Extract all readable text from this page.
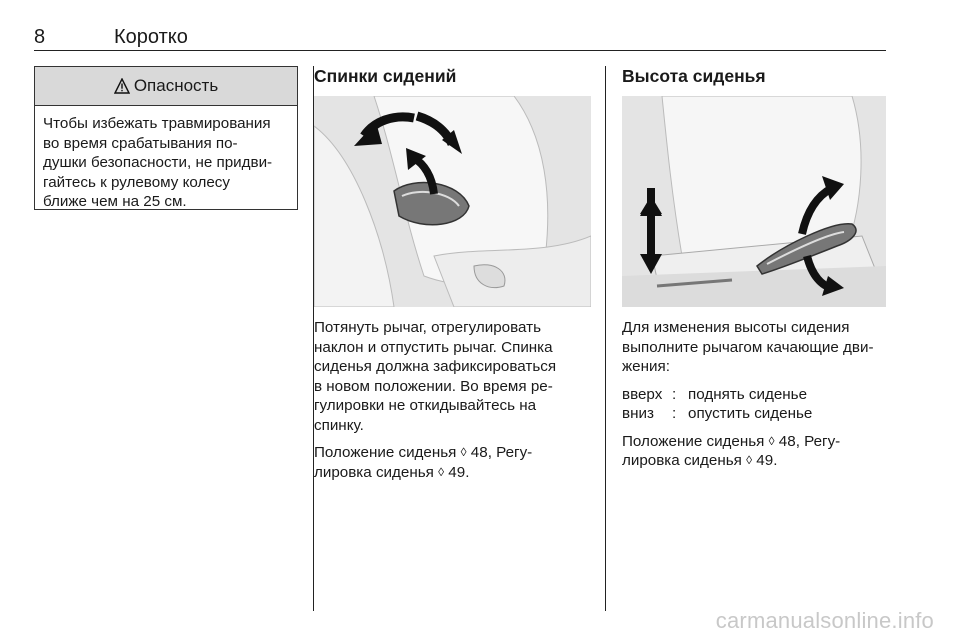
8	Коротко
Опасность
Чтобы избежать травмирования
во время срабатывания по-
душки безопасности, не придви-
гайтесь к рулевому колесу
ближе чем на 25 см.
Спинки сидений

Потянуть рычаг, отрегулировать
наклон и отпустить рычаг. Спинка
сиденья должна зафиксироваться
в новом положении. Во время ре-
гулировки не откидывайтесь на
спинку.

Положение сиденья ◊ 48, Регу-
лировка сиденья ◊ 49.

Высота сиденья

Для изменения высоты сидения
выполните рычагом качающие дви-
жения:

вверх : поднять сиденье
вниз	: опустить сиденье

Положение сиденья ◊ 48, Регу-
лировка сиденья ◊ 49.

carmanualsonline.info
